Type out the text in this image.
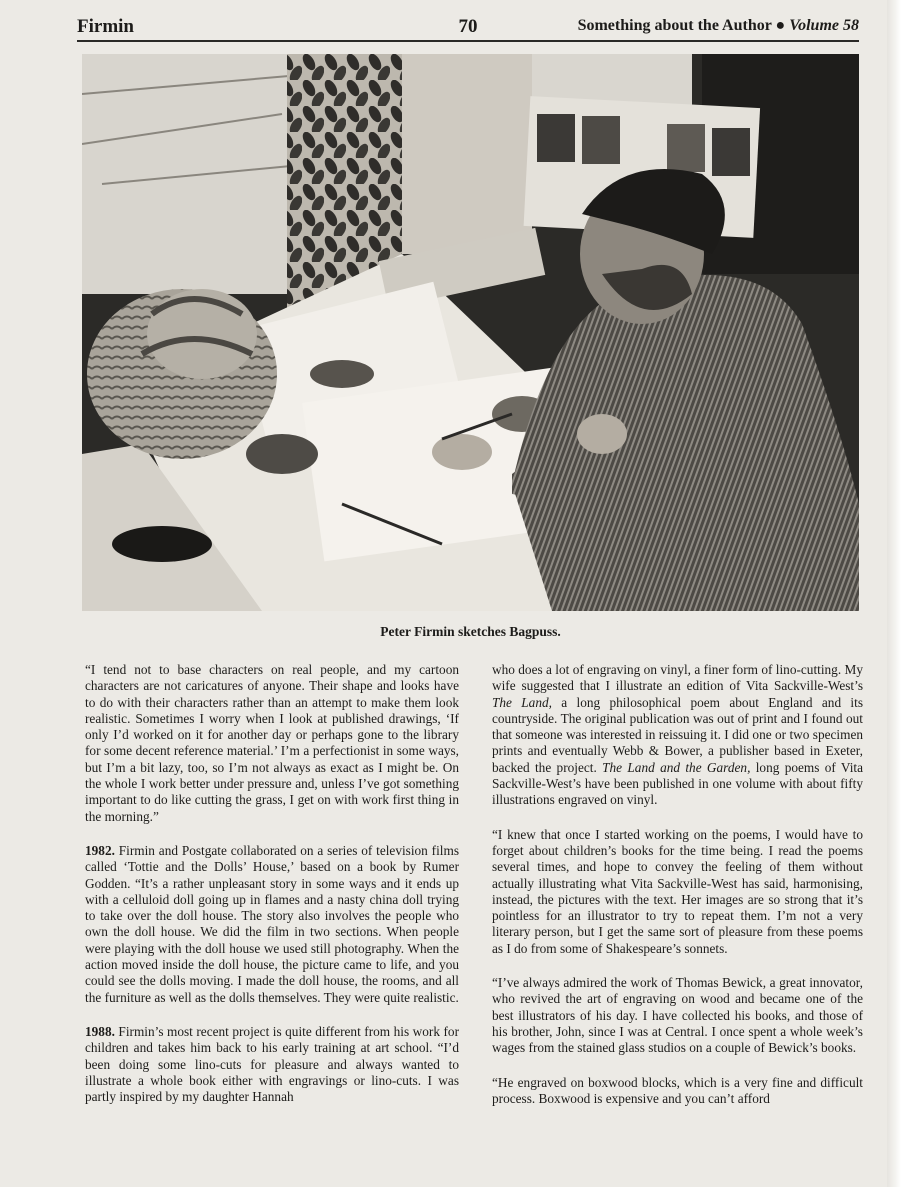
Firmin	70	Something about the Author ● Volume 58
Peter Firmin sketches Bagpuss.

“I tend not to base characters on real people, and my cartoon characters are not caricatures of anyone. Their shape and looks have to do with their characters rather than an attempt to make them look realistic. Sometimes I worry when I look at published drawings, ‘If only I’d worked on it for another day or perhaps gone to the library for some decent reference material.’ I’m a perfectionist in some ways, but I’m a bit lazy, too, so I’m not always as exact as I might be. On the whole I work better under pressure and, unless I’ve got something important to do like cutting the grass, I get on with work first thing in the morning.”

1982. Firmin and Postgate collaborated on a series of television films called ‘Tottie and the Dolls’ House,’ based on a book by Rumer Godden. “It’s a rather unpleasant story in some ways and it ends up with a celluloid doll going up in flames and a nasty china doll trying to take over the doll house. The story also involves the people who own the doll house. We did the film in two sections. When people were playing with the doll house we used still photography. When the action moved inside the doll house, the picture came to life, and you could see the dolls moving. I made the doll house, the rooms, and all the furniture as well as the dolls themselves. They were quite realistic.

1988. Firmin’s most recent project is quite different from his work for children and takes him back to his early training at art school. “I’d been doing some lino-cuts for pleasure and always wanted to illustrate a whole book either with engravings or lino-cuts. I was partly inspired by my daughter Hannah

who does a lot of engraving on vinyl, a finer form of lino-cutting. My wife suggested that I illustrate an edition of Vita Sackville-West’s The Land, a long philosophical poem about England and its countryside. The original publication was out of print and I found out that someone was interested in reissuing it. I did one or two specimen prints and eventually Webb & Bower, a publisher based in Exeter, backed the project. The Land and the Garden, long poems of Vita Sackville-West’s have been published in one volume with about fifty illustrations engraved on vinyl.

“I knew that once I started working on the poems, I would have to forget about children’s books for the time being. I read the poems several times, and hope to convey the feeling of them without actually illustrating what Vita Sackville-West has said, harmonising, instead, the pictures with the text. Her images are so strong that it’s pointless for an illustrator to try to repeat them. I’m not a very literary person, but I get the same sort of pleasure from these poems as I do from some of Shakespeare’s sonnets.

“I’ve always admired the work of Thomas Bewick, a great innovator, who revived the art of engraving on wood and became one of the best illustrators of his day. I have collected his books, and those of his brother, John, since I was at Central. I once spent a whole week’s wages from the stained glass studios on a couple of Bewick’s books.

“He engraved on boxwood blocks, which is a very fine and difficult process. Boxwood is expensive and you can’t afford
